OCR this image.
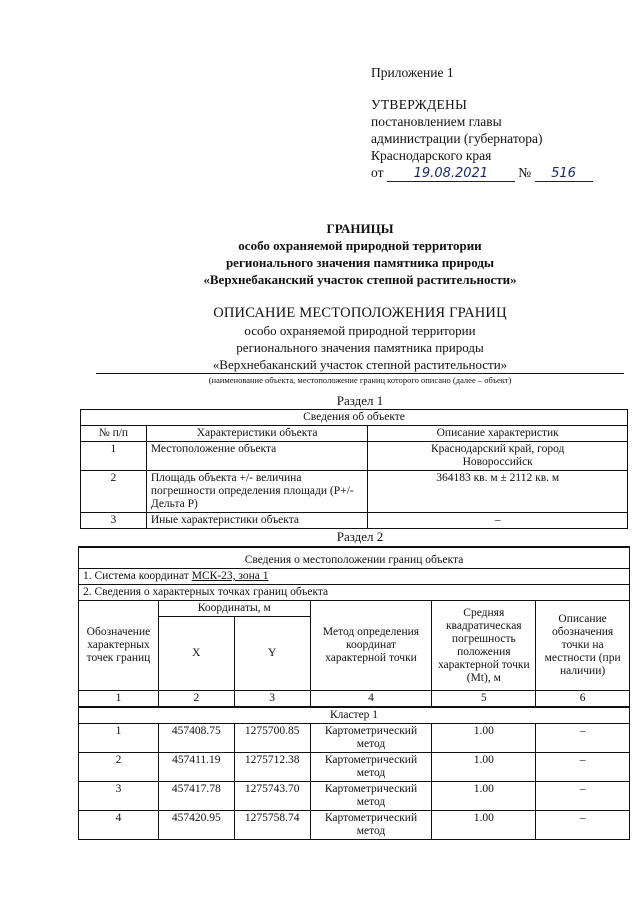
Приложение 1
УТВЕРЖДЕНЫ
постановлением главы
администрации (губернатора)
Краснодарского края
от 19.08.2021 № 516
ГРАНИЦЫ
особо охраняемой природной территории
регионального значения памятника природы
«Верхнебаканский участок степной растительности»
ОПИСАНИЕ МЕСТОПОЛОЖЕНИЯ ГРАНИЦ
особо охраняемой природной территории
регионального значения памятника природы
«Верхнебаканский участок степной растительности»
(наименование объекта, местоположение границ которого описано (далее – объект)
Раздел 1
Сведения об объекте		
№ п/п	Характеристики объекта	Описание характеристик
1	Местоположение объекта	Краснодарский край, город Новороссийск

2	Площадь объекта +/- величина погрешности определения площади (P+/- Дельта P)	364183 кв. м ± 2112 кв. м
3	Иные характеристики объекта	–
Раздел 2
Сведения о местоположении границ объекта					
1. Система координат МСК-23, зона 1					
2. Сведения о характерных точках границ объекта					
Обозначение характерных точек границ	Координаты, м		Метод определения координат характерной точки	Средняя квадратическая погрешность положения характерной точки (Mt), м	Описание обозначения точки на местности (при наличии)
	X	Y			
1	2	3	4	5	6
Кластер 1					
1	457408.75	1275700.85	Картометрический метод	1.00	–
2	457411.19	1275712.38	Картометрический метод	1.00	–
3	457417.78	1275743.70	Картометрический метод	1.00	–
4	457420.95	1275758.74	Картометрический метод	1.00	–
